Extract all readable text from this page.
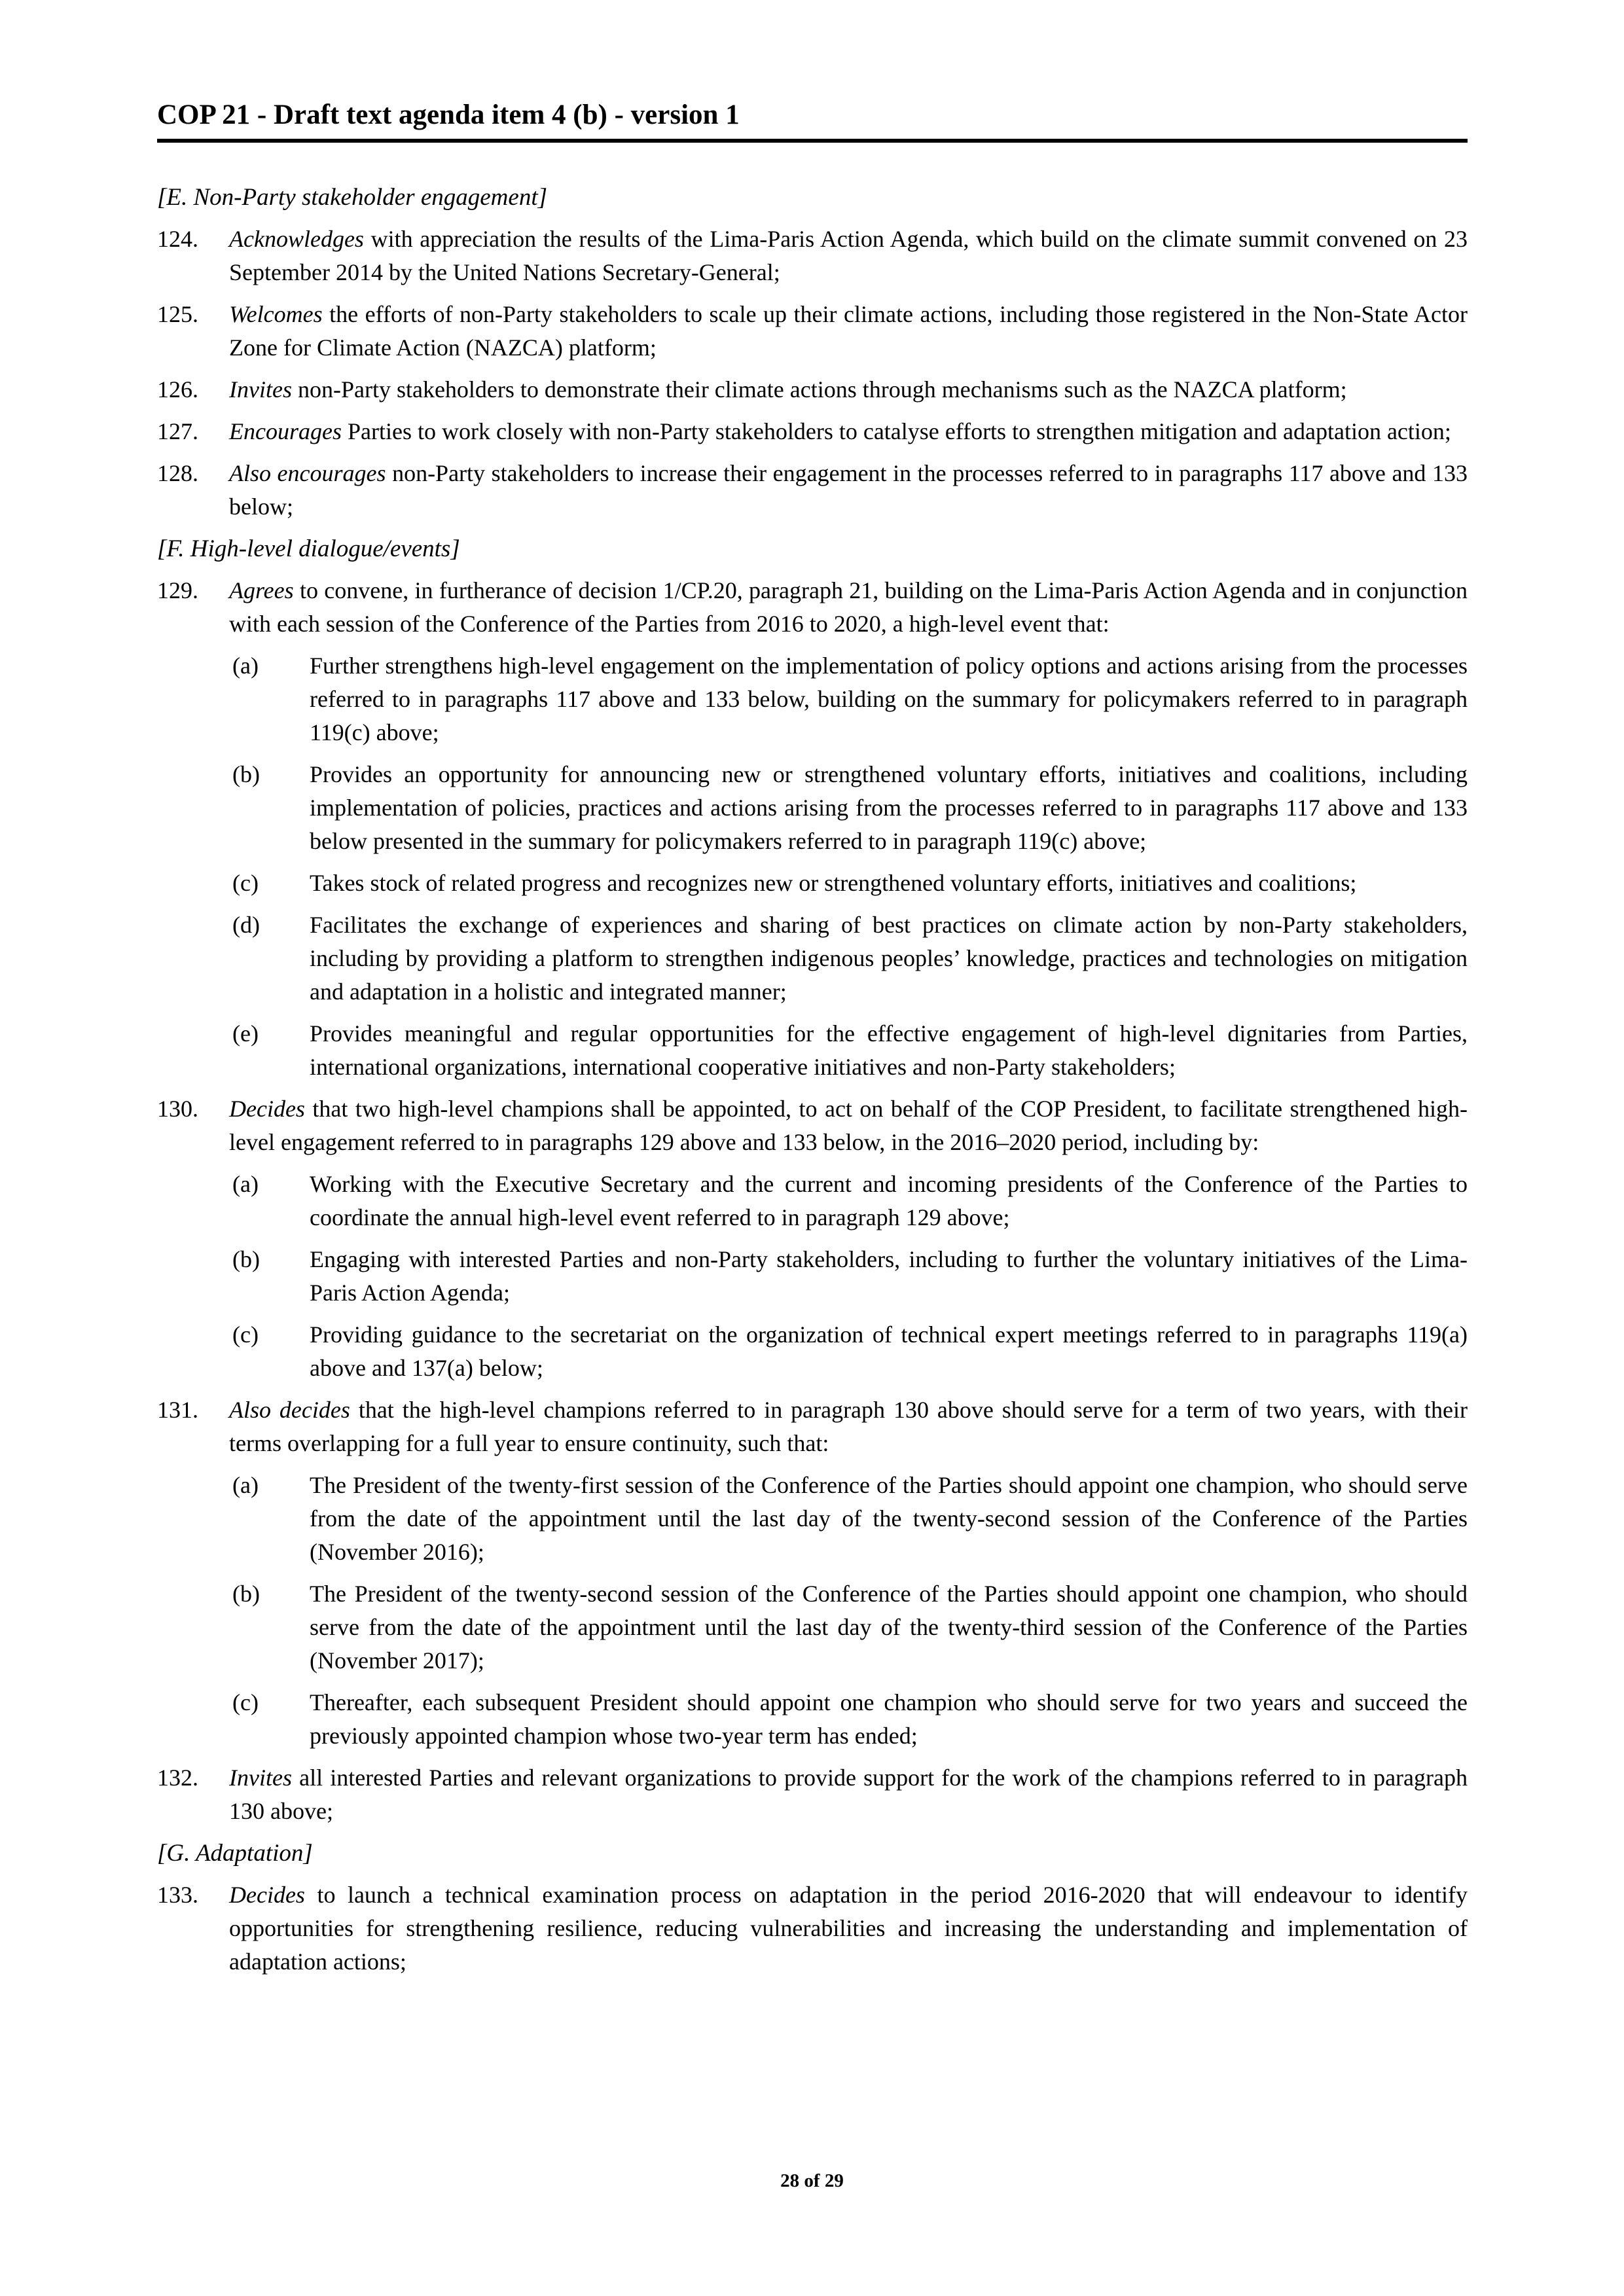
COP 21 - Draft text agenda item 4 (b) - version 1
[E. Non-Party stakeholder engagement]
124. Acknowledges with appreciation the results of the Lima-Paris Action Agenda, which build on the climate summit convened on 23 September 2014 by the United Nations Secretary-General;
125. Welcomes the efforts of non-Party stakeholders to scale up their climate actions, including those registered in the Non-State Actor Zone for Climate Action (NAZCA) platform;
126. Invites non-Party stakeholders to demonstrate their climate actions through mechanisms such as the NAZCA platform;
127. Encourages Parties to work closely with non-Party stakeholders to catalyse efforts to strengthen mitigation and adaptation action;
128. Also encourages non-Party stakeholders to increase their engagement in the processes referred to in paragraphs 117 above and 133 below;
[F. High-level dialogue/events]
129. Agrees to convene, in furtherance of decision 1/CP.20, paragraph 21, building on the Lima-Paris Action Agenda and in conjunction with each session of the Conference of the Parties from 2016 to 2020, a high-level event that:
(a) Further strengthens high-level engagement on the implementation of policy options and actions arising from the processes referred to in paragraphs 117 above and 133 below, building on the summary for policymakers referred to in paragraph 119(c) above;
(b) Provides an opportunity for announcing new or strengthened voluntary efforts, initiatives and coalitions, including implementation of policies, practices and actions arising from the processes referred to in paragraphs 117 above and 133 below presented in the summary for policymakers referred to in paragraph 119(c) above;
(c) Takes stock of related progress and recognizes new or strengthened voluntary efforts, initiatives and coalitions;
(d) Facilitates the exchange of experiences and sharing of best practices on climate action by non-Party stakeholders, including by providing a platform to strengthen indigenous peoples’ knowledge, practices and technologies on mitigation and adaptation in a holistic and integrated manner;
(e) Provides meaningful and regular opportunities for the effective engagement of high-level dignitaries from Parties, international organizations, international cooperative initiatives and non-Party stakeholders;
130. Decides that two high-level champions shall be appointed, to act on behalf of the COP President, to facilitate strengthened high-level engagement referred to in paragraphs 129 above and 133 below, in the 2016–2020 period, including by:
(a) Working with the Executive Secretary and the current and incoming presidents of the Conference of the Parties to coordinate the annual high-level event referred to in paragraph 129 above;
(b) Engaging with interested Parties and non-Party stakeholders, including to further the voluntary initiatives of the Lima-Paris Action Agenda;
(c) Providing guidance to the secretariat on the organization of technical expert meetings referred to in paragraphs 119(a) above and 137(a) below;
131. Also decides that the high-level champions referred to in paragraph 130 above should serve for a term of two years, with their terms overlapping for a full year to ensure continuity, such that:
(a) The President of the twenty-first session of the Conference of the Parties should appoint one champion, who should serve from the date of the appointment until the last day of the twenty-second session of the Conference of the Parties (November 2016);
(b) The President of the twenty-second session of the Conference of the Parties should appoint one champion, who should serve from the date of the appointment until the last day of the twenty-third session of the Conference of the Parties (November 2017);
(c) Thereafter, each subsequent President should appoint one champion who should serve for two years and succeed the previously appointed champion whose two-year term has ended;
132. Invites all interested Parties and relevant organizations to provide support for the work of the champions referred to in paragraph 130 above;
[G. Adaptation]
133. Decides to launch a technical examination process on adaptation in the period 2016-2020 that will endeavour to identify opportunities for strengthening resilience, reducing vulnerabilities and increasing the understanding and implementation of adaptation actions;
28 of 29
